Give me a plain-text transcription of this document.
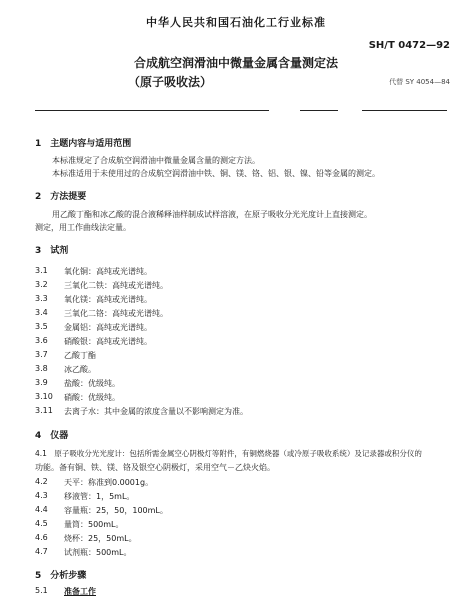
中华人民共和国石油化工行业标准
SH/T 0472—92
合成航空润滑油中微量金属含量测定法
（原子吸收法）	代替 SY 4054—84
1　主题内容与适用范围
本标准规定了合成航空润滑油中微量金属含量的测定方法。
本标准适用于未使用过的合成航空润滑油中铁、铜、镁、铬、铝、银、镍、铅等金属的测定。
2　方法提要
用乙酸丁酯和冰乙酸的混合液稀释油样制成试样溶液，在原子吸收分光光度计上直接测定。
测定，用工作曲线法定量。
3　试剂
3.1 氧化铜：高纯或光谱纯。
3.2 三氧化二铁：高纯或光谱纯。
3.3 氧化镁：高纯或光谱纯。
3.4 三氧化二铬：高纯或光谱纯。
3.5 金属铝：高纯或光谱纯。
3.6 硝酸银：高纯或光谱纯。
3.7 乙酸丁酯
3.8 冰乙酸。
3.9 盐酸：优级纯。
3.10 硝酸：优级纯。
3.11 去离子水：其中金属的浓度含量以不影响测定为准。
4　仪器
4.1　原子吸收分光光度计：包括所需金属空心阴极灯等附件，有铜燃烧器（或冷原子吸收系统）及记录器或积分仪的
功能。备有铜、铁、镁、铬及银空心阴极灯，采用空气－乙炔火焰。
4.2 天平：称准到0.0001g。
4.3 移液管：1，5mL。
4.4 容量瓶：25，50，100mL。
4.5 量筒：500mL。
4.6 烧杯：25，50mL。
4.7 试剂瓶：500mL。
5　分析步骤
5.1 准备工作
